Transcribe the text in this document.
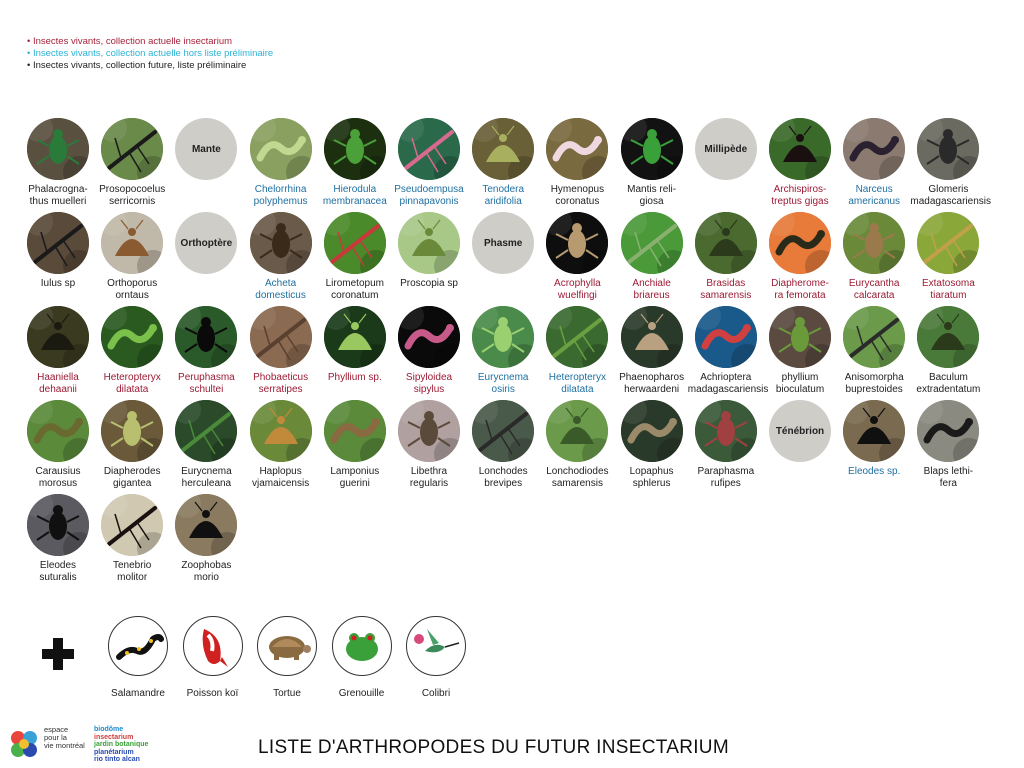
• Insectes vivants, collection actuelle insectarium
• Insectes vivants, collection actuelle hors liste préliminaire
• Insectes vivants, collection future, liste préliminaire
Phalacrogna-
thus muelleri
Prosopocoelus
serricornis
Mante
Chelorrhina
polyphemus
Hierodula
membranacea
Pseudoempusa
pinnapavonis
Tenodera
aridifolia
Hymenopus
coronatus
Mantis reli-
giosa
Millipède
Archispiros-
treptus gigas
Narceus
americanus
Glomeris
madagascariensis
Iulus sp	Orthoporus
orntaus
Orthoptère
Acheta
domesticus
Lirometopum
coronatum
Proscopia sp
Phasme
Acrophylla
wuelfingi
Anchiale
briareus
Brasidas
samarensis
Diapherome-
ra femorata
Eurycantha
calcarata
Extatosoma
tiaratum
Haaniella
dehaanii
Heteropteryx
dilatata
Peruphasma
schultei
Phobaeticus
serratipes
Phyllium sp.	Sipyloidea
sipylus
Eurycnema
osiris
Heteropteryx
dilatata
Phaenopharos
herwaardeni
Achrioptera
madagascariensis
phyllium
bioculatum
Anisomorpha
buprestoides
Baculum
extradentatum
Carausius
morosus
Diapherodes
gigantea
Eurycnema
herculeana
Haplopus
vjamaicensis
Lamponius
guerini
Libethra
regularis
Lonchodes
brevipes
Lonchodiodes
samarensis
Lopaphus
sphlerus
Paraphasma
rufipes
Ténébrion
Eleodes sp.	Blaps lethi-
fera
Eleodes
suturalis
Tenebrio
molitor
Zoophobas
morio
Salamandre	Poisson koï	Tortue	Grenouille	Colibri
espace
pour la
vie montréal
biodôme
insectarium
jardin botanique
planétarium
rio tinto alcan
LISTE D'ARTHROPODES DU FUTUR INSECTARIUM
